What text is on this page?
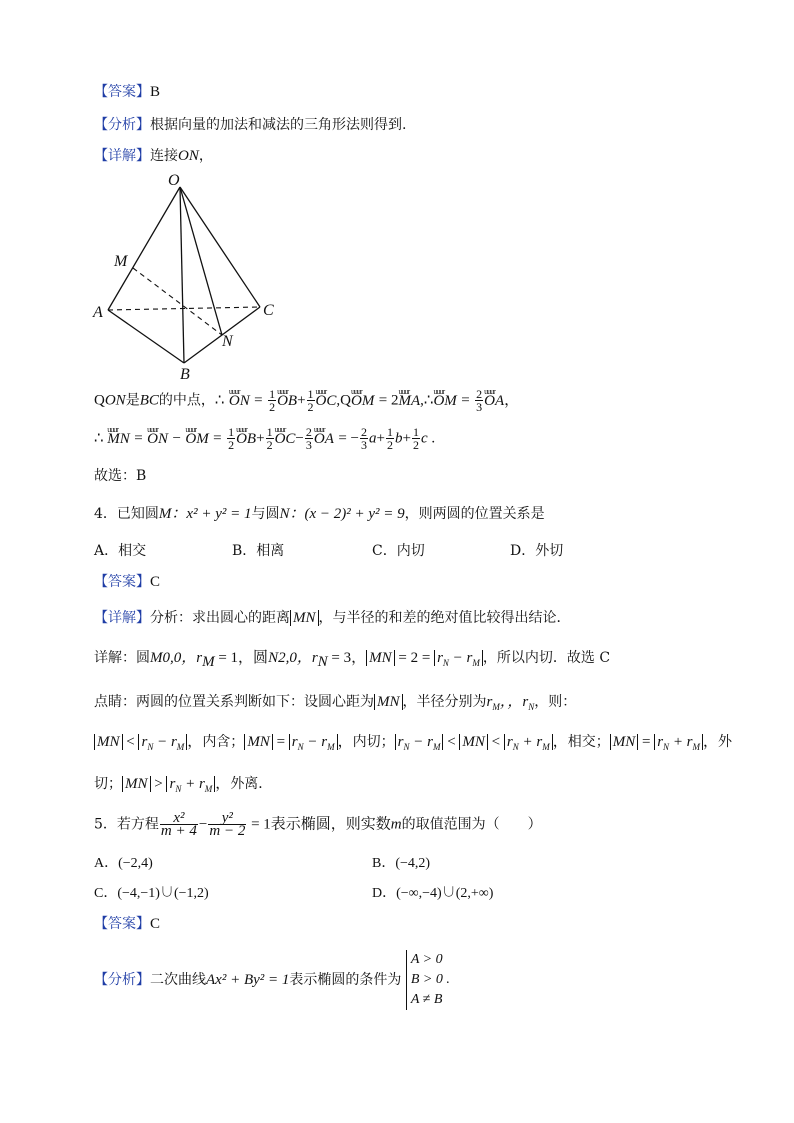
【答案】B
【分析】根据向量的加法和减法的三角形法则得到.
【详解】连接ON，
O
M
A	C
N
B
QON是BC的中点，∴ uuur ON = $\frac{1}{2}$ uuur $OB+ \frac{1}{2}$ uuur OC,Quuur OM = 2uuur MA,∴uuur OM = $\frac{2}{3}$ uuur OA，
∴ uuur MN = uuur ON − uuur OM = $\frac{1}{2}$ uuur $OB+ \frac{1}{2}$ uuur $OC- \frac{2}{3}$ uuur OA = − $\frac{2}{3} a+ \frac{1}{2} b+ \frac{1}{2}$ c .
故选：B
4．已知圆M：x² + y² = 1与圆N：(x − 2)² + y² = 9，则两圆的位置关系是
A．相交	B．相离	C．内切	D．外切
【答案】C
【详解】分析：求出圆心的距离 MN ，与半径的和差的绝对值比较得出结论．
详解：圆M0,0，$r_M = 1$，圆N2,0，$r_N = 3$， MN = $2 = r_N - r_M$ ，所以内切．故选 C
点睛：两圆的位置关系判断如下：设圆心距为 MN ，半径分别为$r_M$，，$r_N$，则：
MN < $r_N - r_M$ ，内含； MN = $r_N - r_M$ ，内切； $r_N - r_M$ < MN < $r_N + r_M$ ，相交； MN = $r_N + r_M$ ，外
切； MN > $r_N + r_M$ ，外离．
5．若方程 $\frac{\text{x²}}{m + 4} - \frac{\text{y²}}{m - 2} = 1$表示椭圆，则实数m的取值范围为（　　）
A．(−2,4)	B．(−4,2)
C．(−4,−1)∪(−1,2)	D．(−∞,−4)∪(2,+∞)
【答案】C
【分析】二次曲线Ax² + By² = 1表示椭圆的条件为
A > 0
B > 0 .
A ≠ B
